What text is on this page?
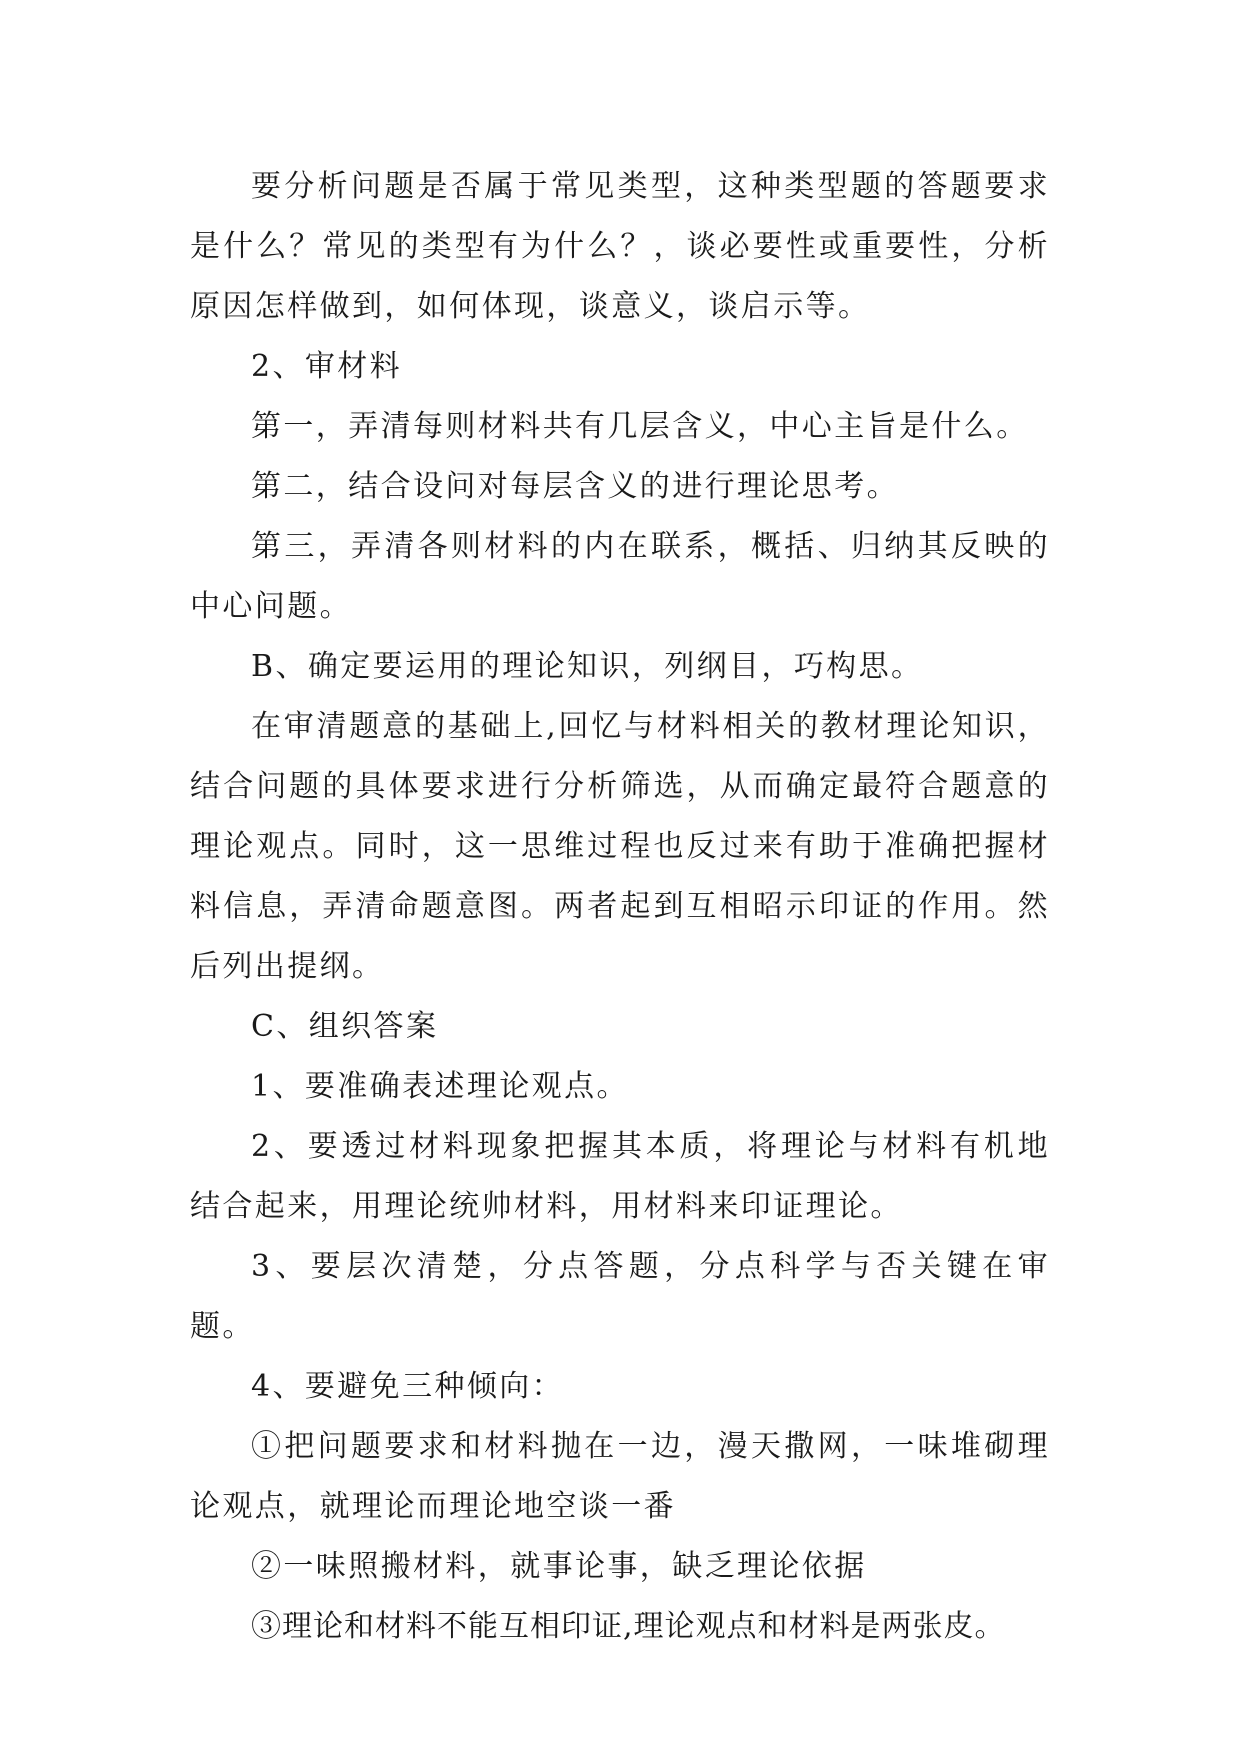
要分析问题是否属于常见类型，这种类型题的答题要求是什么？常见的类型有为什么？，谈必要性或重要性，分析原因怎样做到，如何体现，谈意义，谈启示等。

2、审材料

第一，弄清每则材料共有几层含义，中心主旨是什么。

第二，结合设问对每层含义的进行理论思考。

第三，弄清各则材料的内在联系，概括、归纳其反映的中心问题。

B、确定要运用的理论知识，列纲目，巧构思。

在审清题意的基础上,回忆与材料相关的教材理论知识，结合问题的具体要求进行分析筛选，从而确定最符合题意的理论观点。同时，这一思维过程也反过来有助于准确把握材料信息，弄清命题意图。两者起到互相昭示印证的作用。然后列出提纲。

C、组织答案

1、要准确表述理论观点。

2、要透过材料现象把握其本质，将理论与材料有机地结合起来，用理论统帅材料，用材料来印证理论。

3、要层次清楚，分点答题，分点科学与否关键在审题。

4、要避免三种倾向：

①把问题要求和材料抛在一边，漫天撒网，一味堆砌理论观点，就理论而理论地空谈一番

②一味照搬材料，就事论事，缺乏理论依据

③理论和材料不能互相印证,理论观点和材料是两张皮。
